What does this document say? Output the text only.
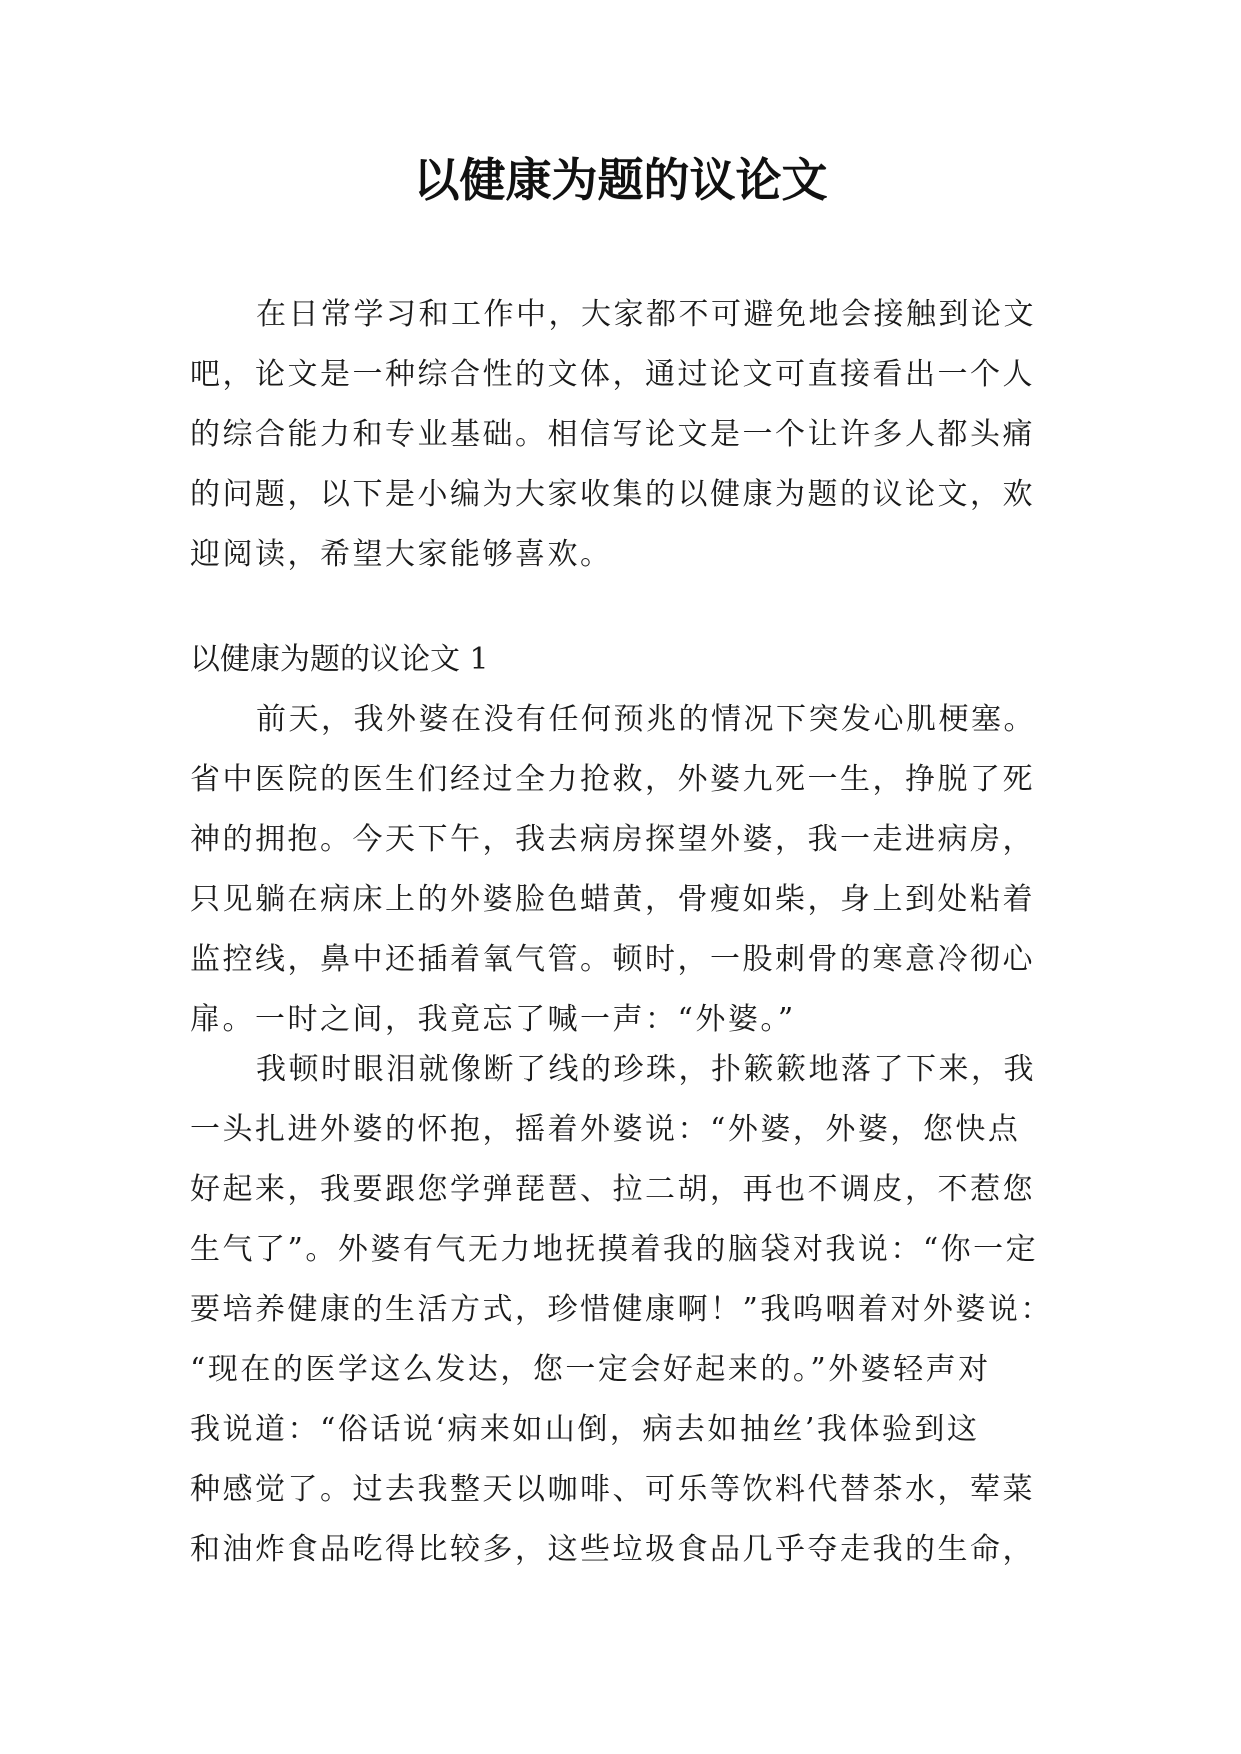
以健康为题的议论文
在日常学习和工作中，大家都不可避免地会接触到论文
吧，论文是一种综合性的文体，通过论文可直接看出一个人
的综合能力和专业基础。相信写论文是一个让许多人都头痛
的问题，以下是小编为大家收集的以健康为题的议论文，欢
迎阅读，希望大家能够喜欢。
以健康为题的议论文 1
前天，我外婆在没有任何预兆的情况下突发心肌梗塞。
省中医院的医生们经过全力抢救，外婆九死一生，挣脱了死
神的拥抱。今天下午，我去病房探望外婆，我一走进病房，
只见躺在病床上的外婆脸色蜡黄，骨瘦如柴，身上到处粘着
监控线，鼻中还插着氧气管。顿时，一股刺骨的寒意冷彻心
扉。一时之间，我竟忘了喊一声：“外婆。”
我顿时眼泪就像断了线的珍珠，扑簌簌地落了下来，我
一头扎进外婆的怀抱，摇着外婆说：“外婆，外婆，您快点
好起来，我要跟您学弹琵琶、拉二胡，再也不调皮，不惹您
生气了”。外婆有气无力地抚摸着我的脑袋对我说：“你一定
要培养健康的生活方式，珍惜健康啊！”我呜咽着对外婆说：
“现在的医学这么发达，您一定会好起来的。”外婆轻声对
我说道：“俗话说‘病来如山倒，病去如抽丝’我体验到这
种感觉了。过去我整天以咖啡、可乐等饮料代替茶水，荤菜
和油炸食品吃得比较多，这些垃圾食品几乎夺走我的生命，
